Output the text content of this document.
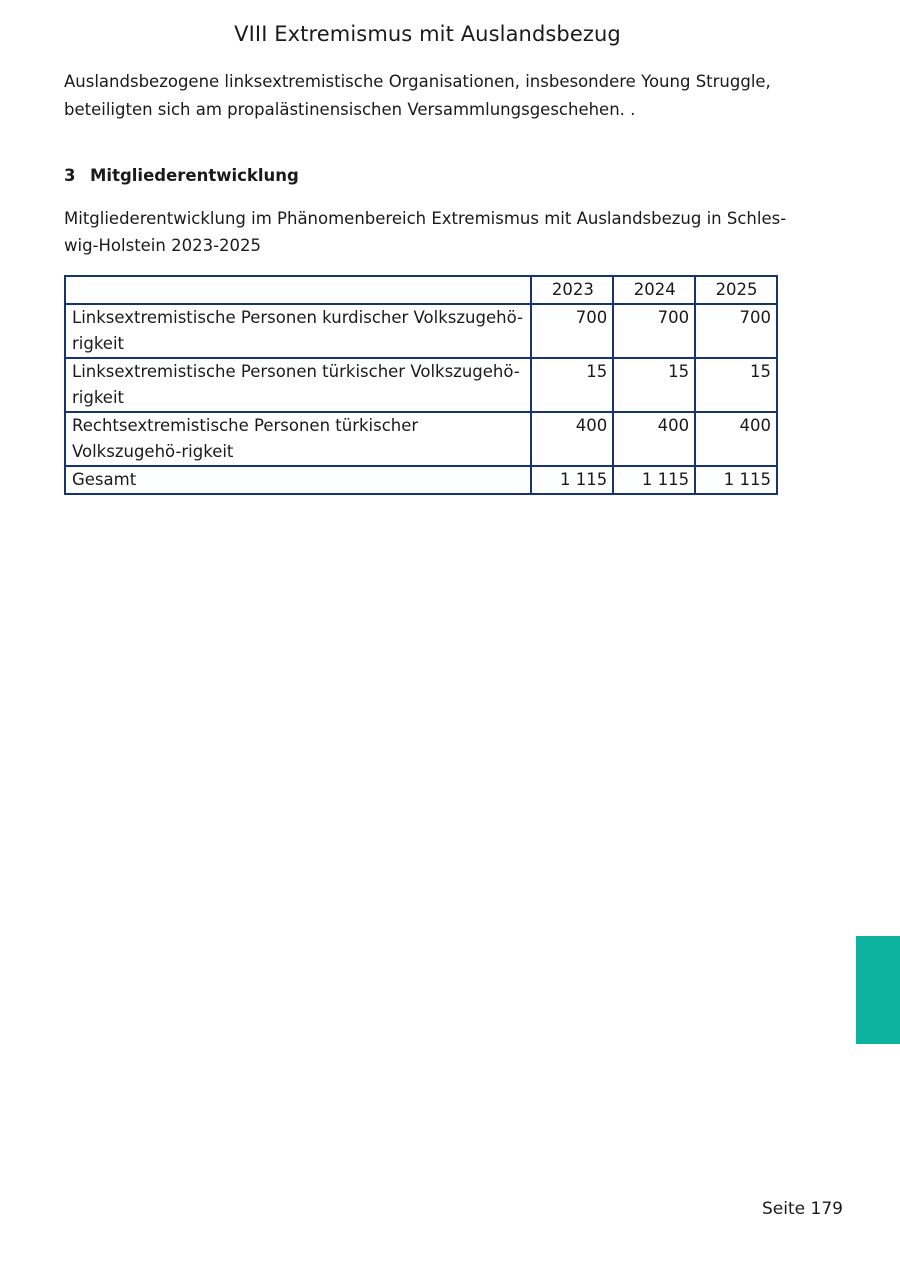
VIII Extremismus mit Auslandsbezug

Auslandsbezogene linksextremistische Organisationen, insbesondere Young Struggle, beteiligten sich am propalästinensischen Versammlungsgeschehen. .

3 Mitgliederentwicklung

Mitgliederentwicklung im Phänomenbereich Extremismus mit Auslandsbezug in Schles-wig-Holstein 2023-2025

	2023	2024	2025
Linksextremistische Personen kurdischer Volkszugehö-rigkeit	700	700	700
Linksextremistische Personen türkischer Volkszugehö-rigkeit	15	15	15
Rechtsextremistische Personen türkischer Volkszugehö-rigkeit	400	400	400
Gesamt	1 115	1 115	1 115
Seite 179
